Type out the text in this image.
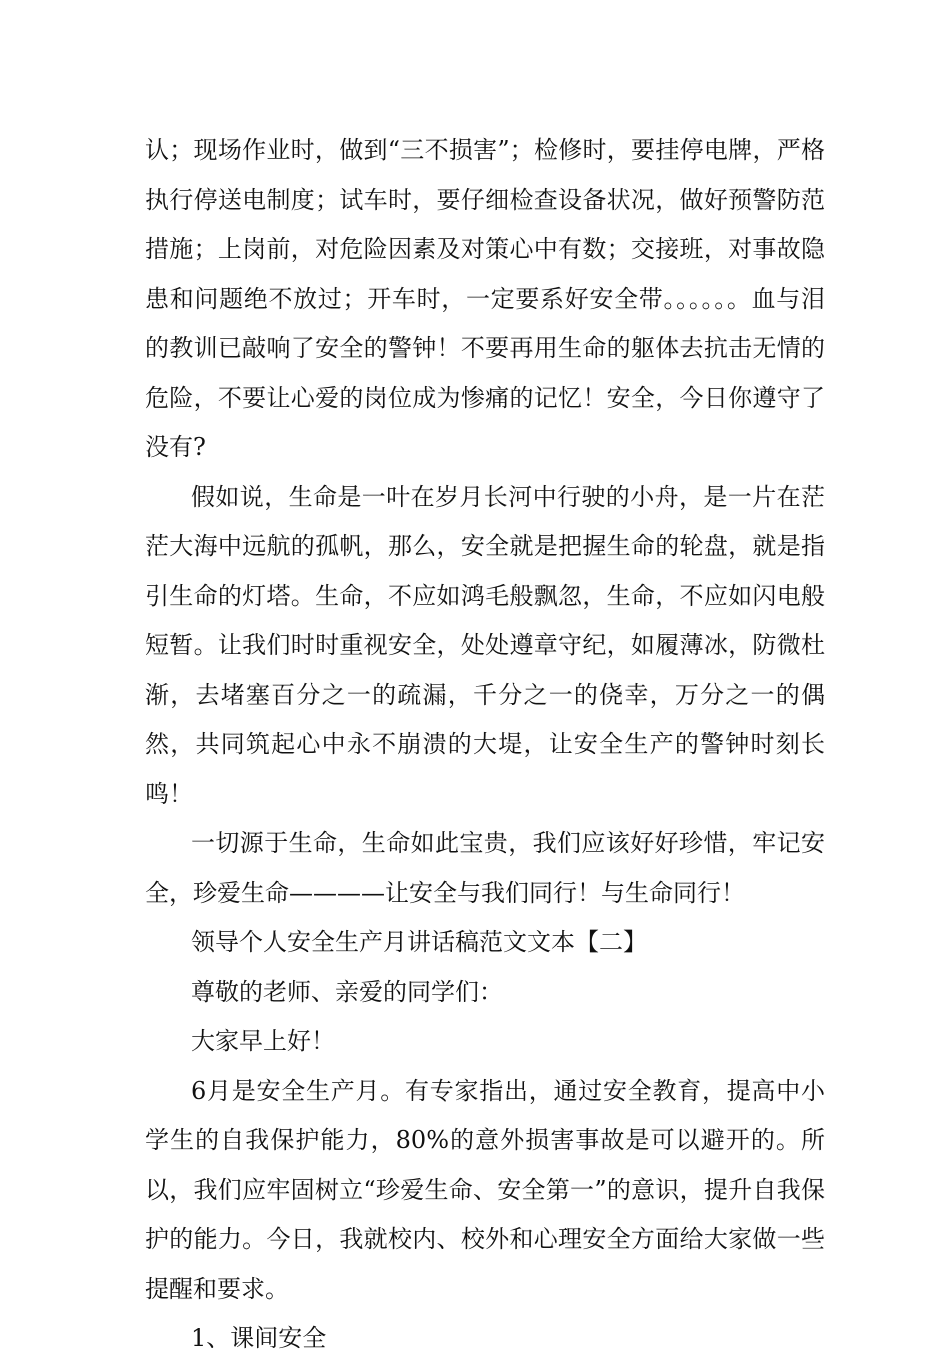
认；现场作业时，做到“三不损害”；检修时，要挂停电牌，严格执行停送电制度；试车时，要仔细检查设备状况，做好预警防范措施；上岗前，对危险因素及对策心中有数；交接班，对事故隐患和问题绝不放过；开车时，一定要系好安全带。。。。。。血与泪的教训已敲响了安全的警钟！不要再用生命的躯体去抗击无情的危险，不要让心爱的岗位成为惨痛的记忆！安全，今日你遵守了没有?

假如说，生命是一叶在岁月长河中行驶的小舟，是一片在茫茫大海中远航的孤帆，那么，安全就是把握生命的轮盘，就是指引生命的灯塔。生命，不应如鸿毛般飘忽，生命，不应如闪电般短暂。让我们时时重视安全，处处遵章守纪，如履薄冰，防微杜渐，去堵塞百分之一的疏漏，千分之一的侥幸，万分之一的偶然，共同筑起心中永不崩溃的大堤，让安全生产的警钟时刻长鸣！

一切源于生命，生命如此宝贵，我们应该好好珍惜，牢记安全，珍爱生命————让安全与我们同行！与生命同行！

领导个人安全生产月讲话稿范文文本【二】

尊敬的老师、亲爱的同学们：

大家早上好！

6月是安全生产月。有专家指出，通过安全教育，提高中小学生的自我保护能力，80%的意外损害事故是可以避开的。所以，我们应牢固树立“珍爱生命、安全第一”的意识，提升自我保护的能力。今日，我就校内、校外和心理安全方面给大家做一些提醒和要求。

1、课间安全
